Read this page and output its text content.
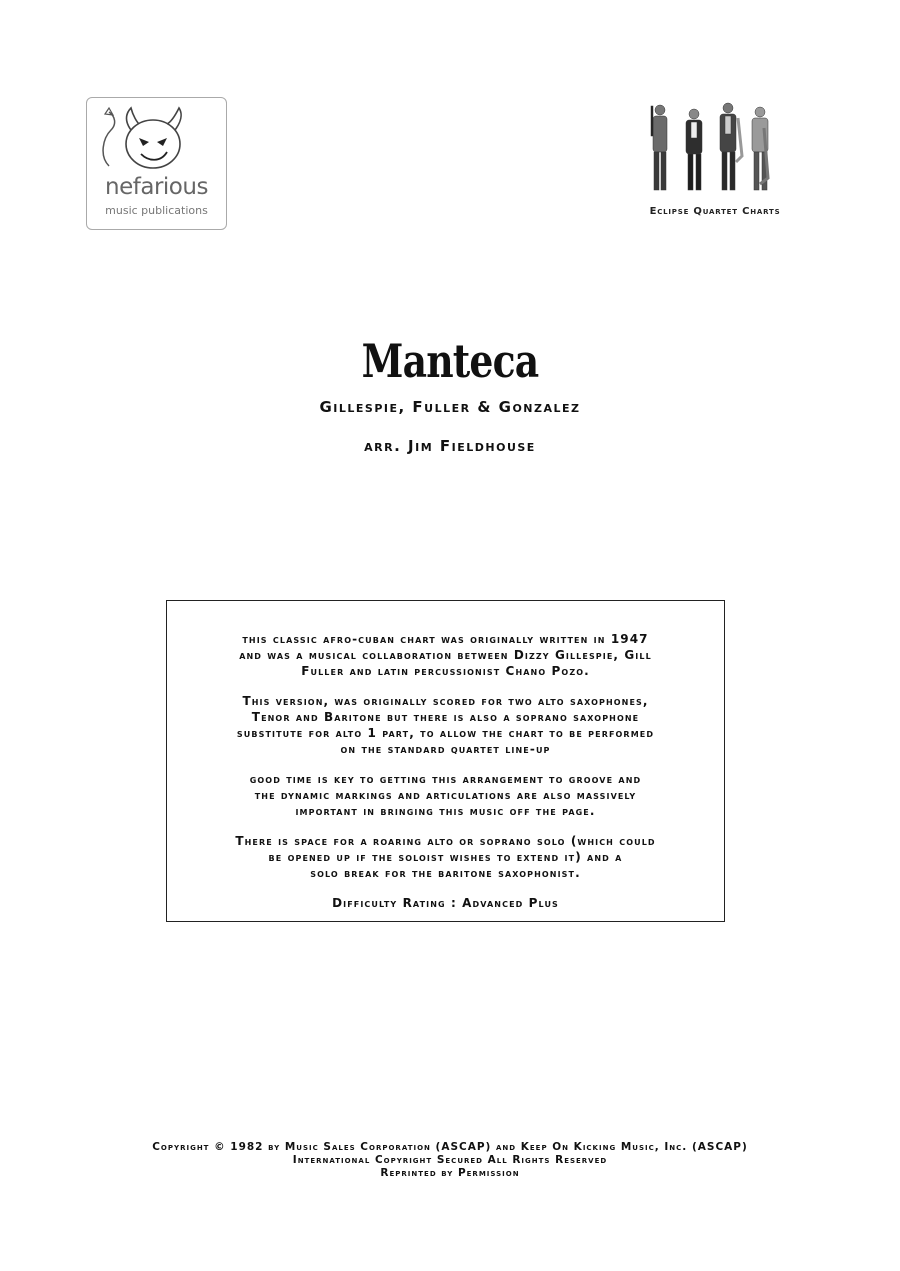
nefarious
music publications	Eclipse Quartet Charts
Manteca
Gillespie, Fuller & Gonzalez
arr. Jim Fieldhouse

this classic afro-cuban chart was originally written in 1947
and was a musical collaboration between Dizzy Gillespie, Gill
Fuller and latin percussionist Chano Pozo.

This version, was originally scored for two alto saxophones,
Tenor and Baritone but there is also a soprano saxophone
substitute for alto 1 part, to allow the chart to be performed
on the standard quartet line-up

good time is key to getting this arrangement to groove and
the dynamic markings and articulations are also massively
important in bringing this music off the page.

There is space for a roaring alto or soprano solo (which could
be opened up if the soloist wishes to extend it) and a
solo break for the baritone saxophonist.

Difficulty Rating : Advanced Plus

Copyright © 1982 by Music Sales Corporation (ASCAP) and Keep On Kicking Music, Inc. (ASCAP)
International Copyright Secured All Rights Reserved
Reprinted by Permission
